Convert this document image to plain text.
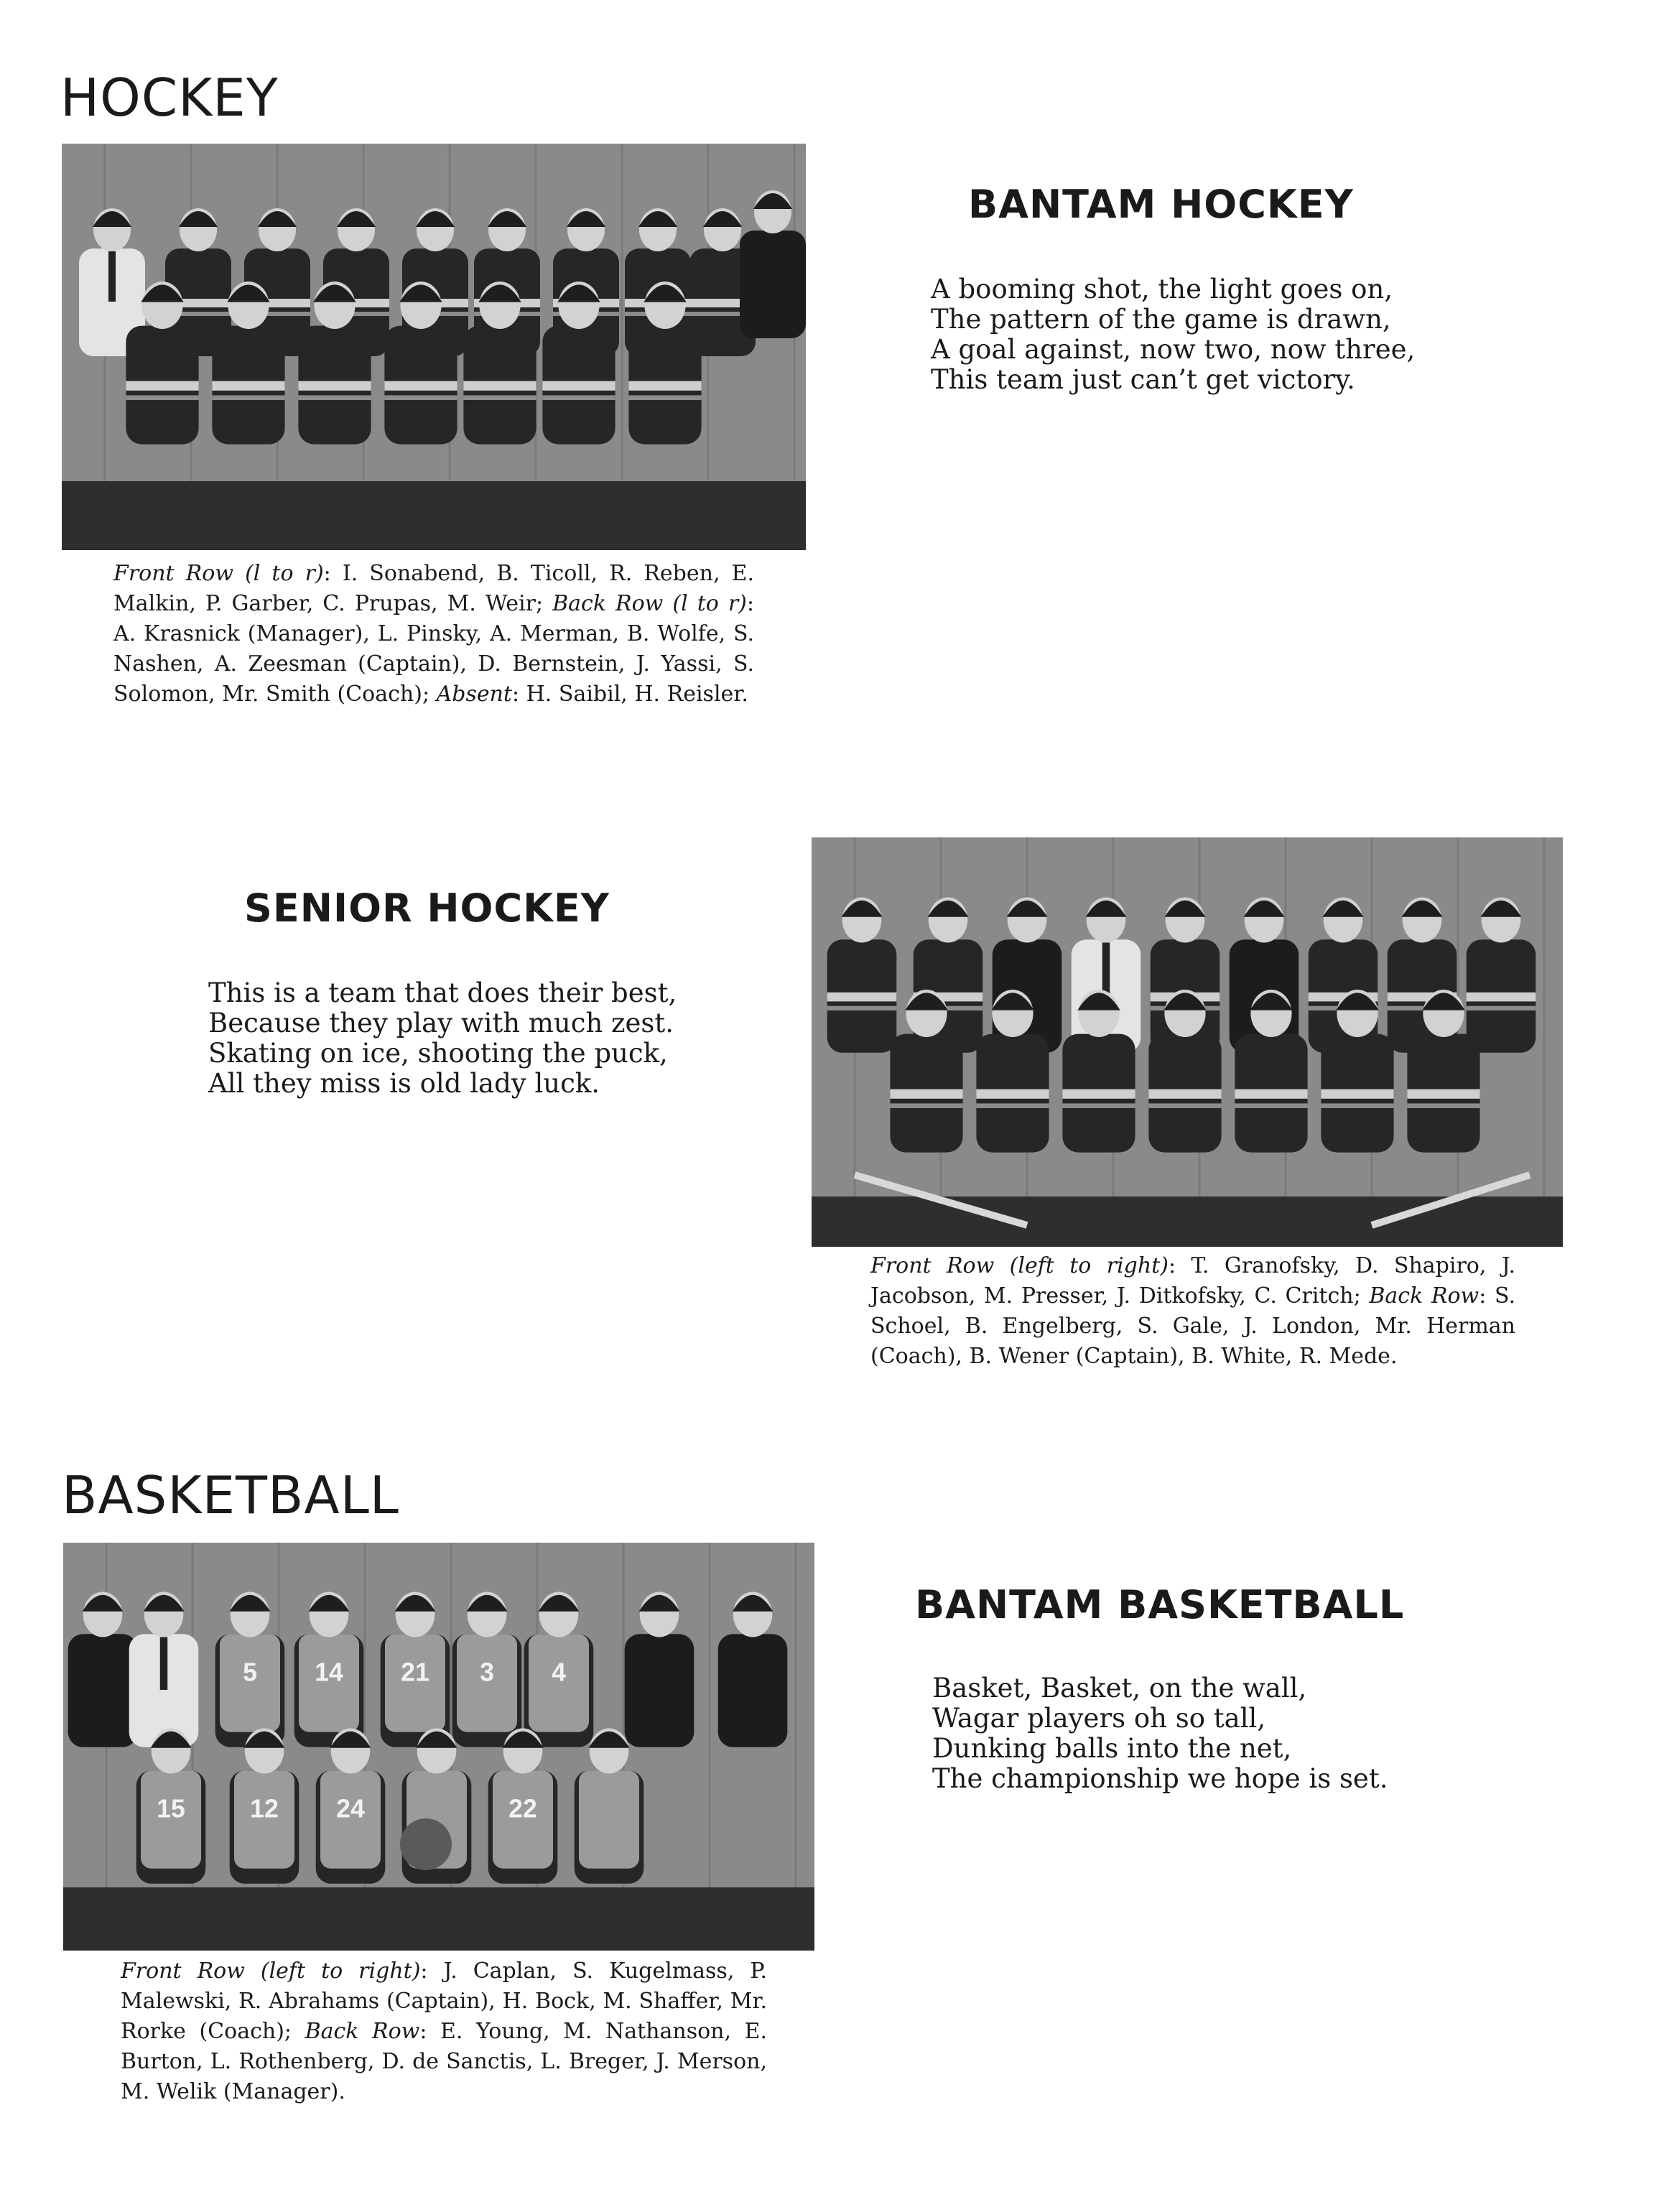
HOCKEY
BANTAM HOCKEY
A booming shot, the light goes on,
The pattern of the game is drawn,
A goal against, now two, now three,
This team just can’t get victory.

Front Row (l to r): I. Sonabend, B. Ticoll, R. Reben, E. Malkin, P. Garber, C. Prupas, M. Weir; Back Row (l to r): A. Krasnick (Manager), L. Pinsky, A. Merman, B. Wolfe, S. Nashen, A. Zeesman (Captain), D. Bernstein, J. Yassi, S. Solomon, Mr. Smith (Coach); Absent: H. Saibil, H. Reisler.

SENIOR HOCKEY
This is a team that does their best,
Because they play with much zest.
Skating on ice, shooting the puck,
All they miss is old lady luck.

Front Row (left to right): T. Granofsky, D. Shapiro, J. Jacobson, M. Presser, J. Ditkofsky, C. Critch; Back Row: S. Schoel, B. Engelberg, S. Gale, J. London, Mr. Herman (Coach), B. Wener (Captain), B. White, R. Mede.

BASKETBALL
5 14 21 3 4
15	12 24	22
BANTAM BASKETBALL
Basket, Basket, on the wall,
Wagar players oh so tall,
Dunking balls into the net,
The championship we hope is set.

Front Row (left to right): J. Caplan, S. Kugelmass, P. Malewski, R. Abrahams (Captain), H. Bock, M. Shaffer, Mr. Rorke (Coach); Back Row: E. Young, M. Nathanson, E. Burton, L. Rothenberg, D. de Sanctis, L. Breger, J. Merson, M. Welik (Manager).
